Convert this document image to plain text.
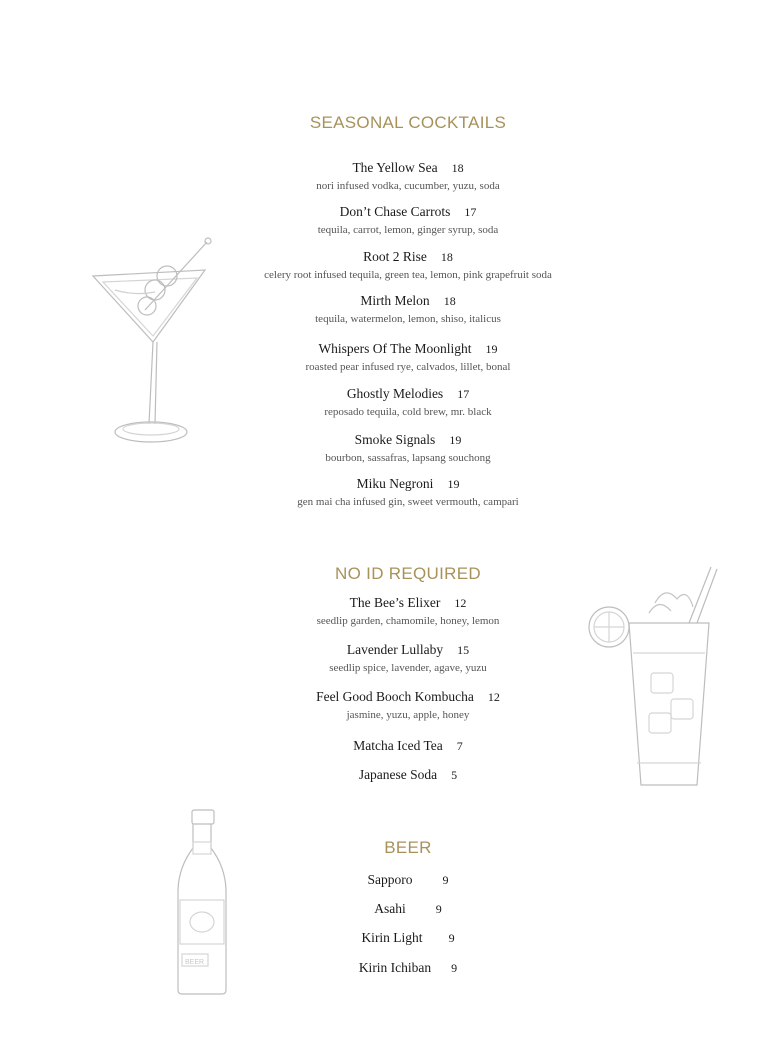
SEASONAL COCKTAILS
NO ID REQUIRED
BEER
The Yellow Sea 18
nori infused vodka, cucumber, yuzu, soda
Don’t Chase Carrots 17
tequila, carrot, lemon, ginger syrup, soda
Root 2 Rise 18
celery root infused tequila, green tea, lemon, pink grapefruit soda
Mirth Melon 18
tequila, watermelon, lemon, shiso, italicus
Whispers Of The Moonlight 19
roasted pear infused rye, calvados, lillet, bonal
Ghostly Melodies 17
reposado tequila, cold brew, mr. black
Smoke Signals 19
bourbon, sassafras, lapsang souchong
Miku Negroni 19
gen mai cha infused gin, sweet vermouth, campari
The Bee’s Elixer 12
seedlip garden, chamomile, honey, lemon
Lavender Lullaby 15
seedlip spice, lavender, agave, yuzu
Feel Good Booch Kombucha 12
jasmine, yuzu, apple, honey
Matcha Iced Tea 7
Japanese Soda 5
Sapporo	9
Asahi	9
Kirin Light 9
Kirin Ichiban 9
BEER
